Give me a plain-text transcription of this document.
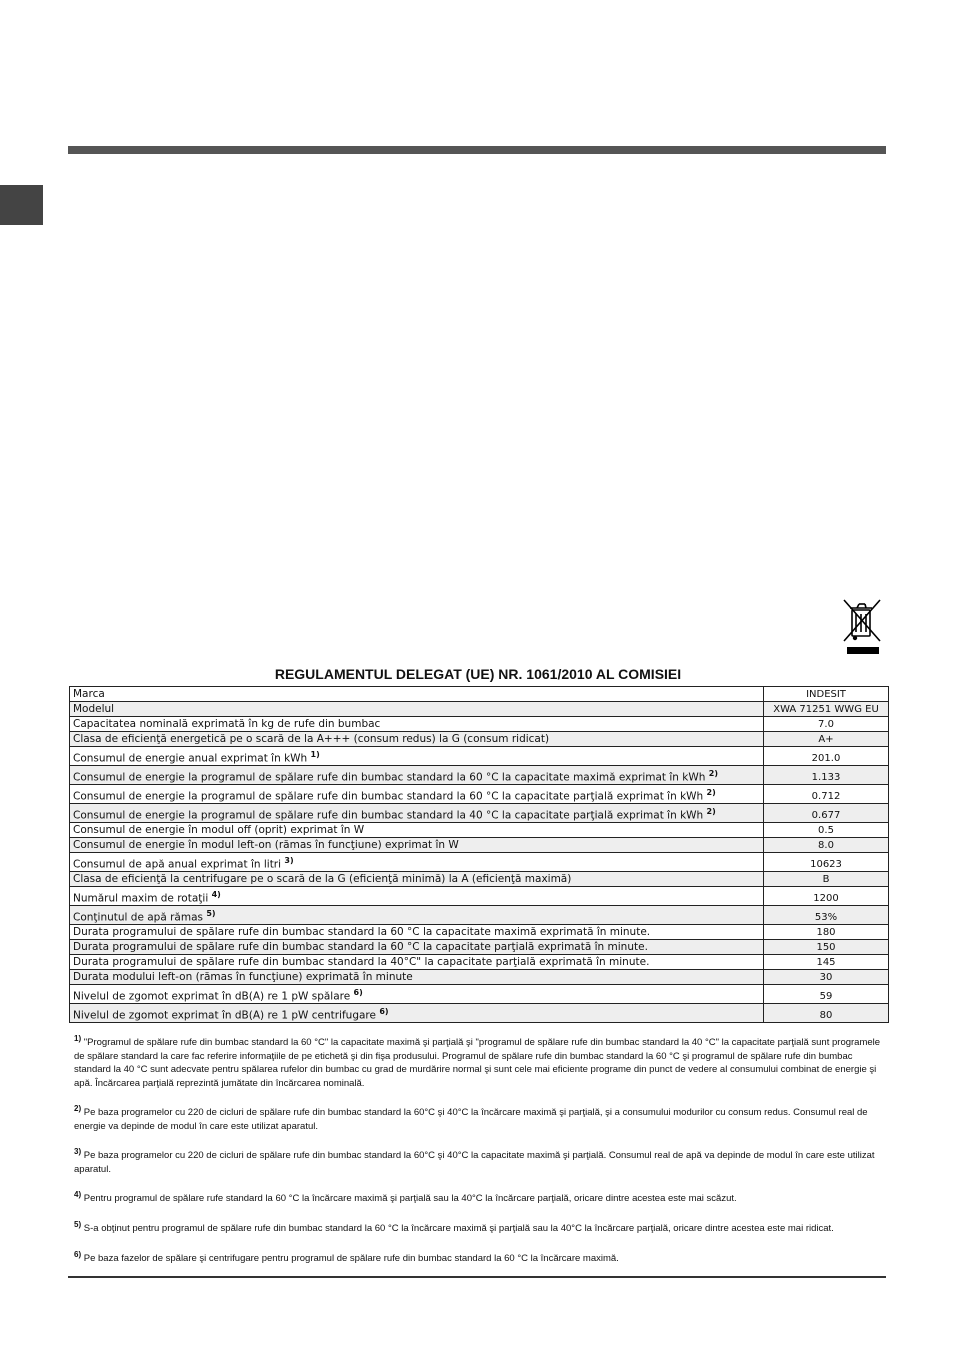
REGULAMENTUL DELEGAT (UE) NR. 1061/2010 AL COMISIEI
Marca	INDESIT
Modelul	XWA 71251 WWG EU
Capacitatea nominală exprimată în kg de rufe din bumbac	7.0
Clasa de eficienţă energetică pe o scară de la A+++ (consum redus) la G (consum ridicat)	A+
Consumul de energie anual exprimat în kWh $^{1)}$	201.0
Consumul de energie la programul de spălare rufe din bumbac standard la 60 °C la capacitate maximă exprimat în kWh $^{2)}$	1.133
Consumul de energie la programul de spălare rufe din bumbac standard la 60 °C la capacitate parţială exprimat în kWh $^{2)}$	0.712
Consumul de energie la programul de spălare rufe din bumbac standard la 40 °C la capacitate parţială exprimat în kWh $^{2)}$	0.677
Consumul de energie în modul off (oprit) exprimat în W	0.5
Consumul de energie în modul left-on (rămas în funcţiune) exprimat în W	8.0
Consumul de apă anual exprimat în litri $^{3)}$	10623
Clasa de eficienţă la centrifugare pe o scară de la G (eficienţă minimă) la A (eficienţă maximă)	B
Numărul maxim de rotaţii $^{4)}$	1200
Conţinutul de apă rămas $^{5)}$	53%
Durata programului de spălare rufe din bumbac standard la 60 °C la capacitate maximă exprimată în minute.	180
Durata programului de spălare rufe din bumbac standard la 60 °C la capacitate parţială exprimată în minute.	150
Durata programului de spălare rufe din bumbac standard la 40°C" la capacitate parţială exprimată în minute.	145
Durata modului left-on (rămas în funcţiune) exprimată în minute	30
Nivelul de zgomot exprimat în dB(A) re 1 pW spălare $^{6)}$	59
Nivelul de zgomot exprimat în dB(A) re 1 pW centrifugare $^{6)}$	80
$^{1)}$ "Programul de spălare rufe din bumbac standard la 60 °C" la capacitate maximă şi parţială şi "programul de spălare rufe din bumbac standard la 40 °C" la capacitate parţială sunt programele de spălare standard la care fac referire informaţiile de pe etichetă şi din fişa produsului. Programul de spălare rufe din bumbac standard la 60 °C şi programul de spălare rufe din bumbac standard la 40 °C sunt adecvate pentru spălarea rufelor din bumbac cu grad de murdărire normal şi sunt cele mai eficiente programe din punct de vedere al consumului combinat de energie şi apă. Încărcarea parţială reprezintă jumătate din încărcarea nominală.
$^{2)}$ Pe baza programelor cu 220 de cicluri de spălare rufe din bumbac standard la 60°C şi 40°C la încărcare maximă şi parţială, şi a consumului modurilor cu consum redus. Consumul real de energie va depinde de modul în care este utilizat aparatul.
$^{3)}$ Pe baza programelor cu 220 de cicluri de spălare rufe din bumbac standard la 60°C şi 40°C la capacitate maximă şi parţială. Consumul real de apă va depinde de modul în care este utilizat aparatul.
$^{4)}$ Pentru programul de spălare rufe standard la 60 °C la încărcare maximă şi parţială sau la 40°C la încărcare parţială, oricare dintre acestea este mai scăzut.
$^{5)}$ S-a obţinut pentru programul de spălare rufe din bumbac standard la 60 °C la încărcare maximă şi parţială sau la 40°C la încărcare parţială, oricare dintre acestea este mai ridicat.
$^{6)}$ Pe baza fazelor de spălare şi centrifugare pentru programul de spălare rufe din bumbac standard la 60 °C la încărcare maximă.
